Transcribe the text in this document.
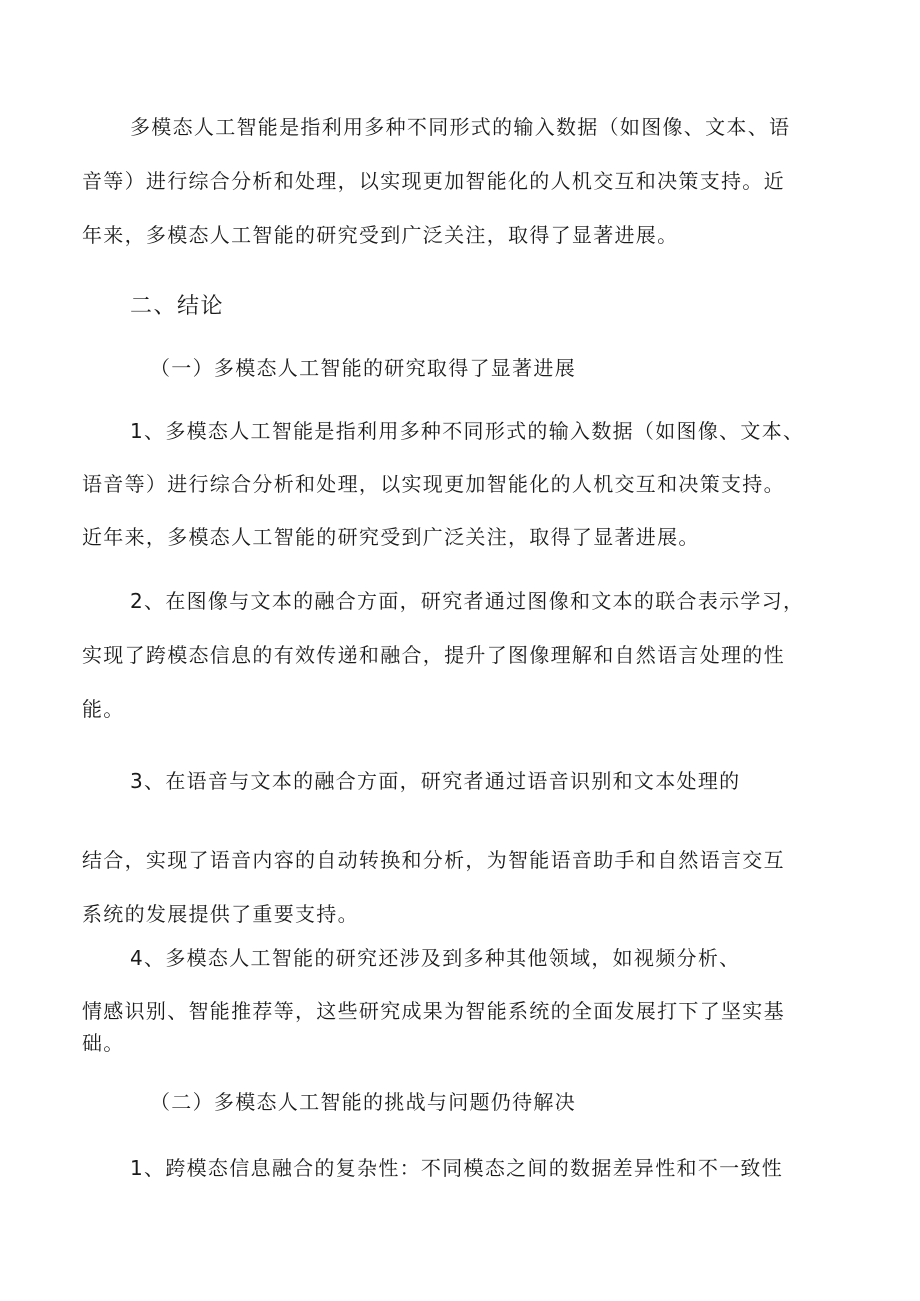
多模态人工智能是指利用多种不同形式的输入数据（如图像、文本、语
音等）进行综合分析和处理，以实现更加智能化的人机交互和决策支持。近
年来，多模态人工智能的研究受到广泛关注，取得了显著进展。
二、结论
（一）多模态人工智能的研究取得了显著进展
1、多模态人工智能是指利用多种不同形式的输入数据（如图像、文本、
语音等）进行综合分析和处理，以实现更加智能化的人机交互和决策支持。
近年来，多模态人工智能的研究受到广泛关注，取得了显著进展。
2、在图像与文本的融合方面，研究者通过图像和文本的联合表示学习，
实现了跨模态信息的有效传递和融合，提升了图像理解和自然语言处理的性
能。
3、在语音与文本的融合方面，研究者通过语音识别和文本处理的
结合，实现了语音内容的自动转换和分析，为智能语音助手和自然语言交互
系统的发展提供了重要支持。
4、多模态人工智能的研究还涉及到多种其他领域，如视频分析、
情感识别、智能推荐等，这些研究成果为智能系统的全面发展打下了坚实基
础。
（二）多模态人工智能的挑战与问题仍待解决
1、跨模态信息融合的复杂性：不同模态之间的数据差异性和不一致性
